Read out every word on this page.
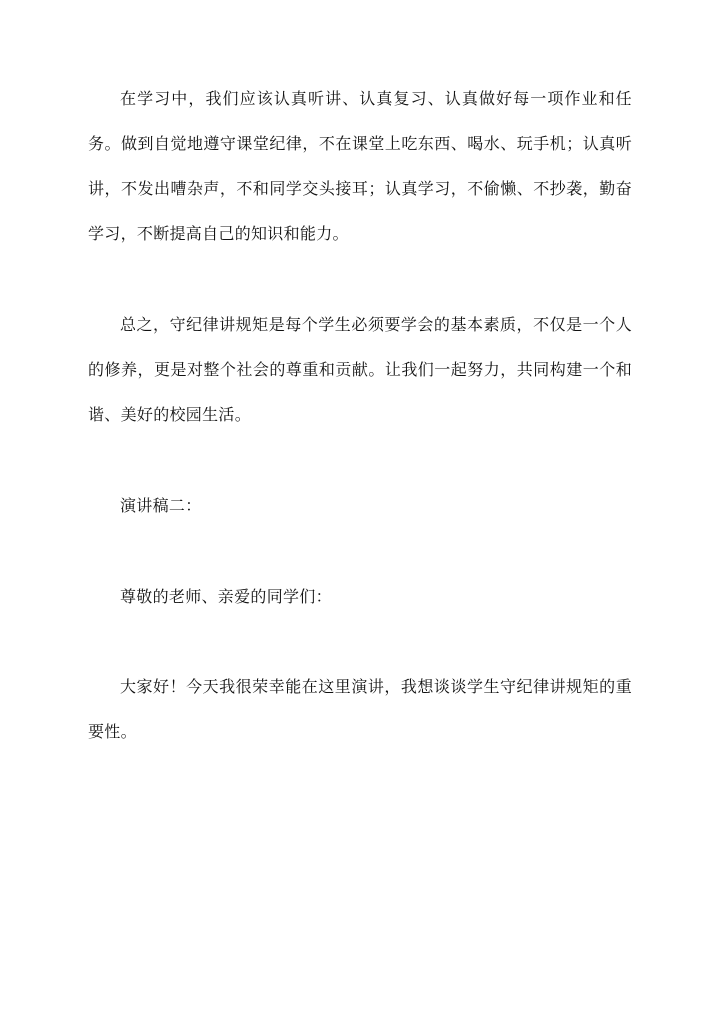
在学习中，我们应该认真听讲、认真复习、认真做好每一项作业和任务。做到自觉地遵守课堂纪律，不在课堂上吃东西、喝水、玩手机；认真听讲，不发出嘈杂声，不和同学交头接耳；认真学习，不偷懒、不抄袭，勤奋学习，不断提高自己的知识和能力。

总之，守纪律讲规矩是每个学生必须要学会的基本素质，不仅是一个人的修养，更是对整个社会的尊重和贡献。让我们一起努力，共同构建一个和谐、美好的校园生活。

演讲稿二：

尊敬的老师、亲爱的同学们：

大家好！今天我很荣幸能在这里演讲，我想谈谈学生守纪律讲规矩的重要性。
